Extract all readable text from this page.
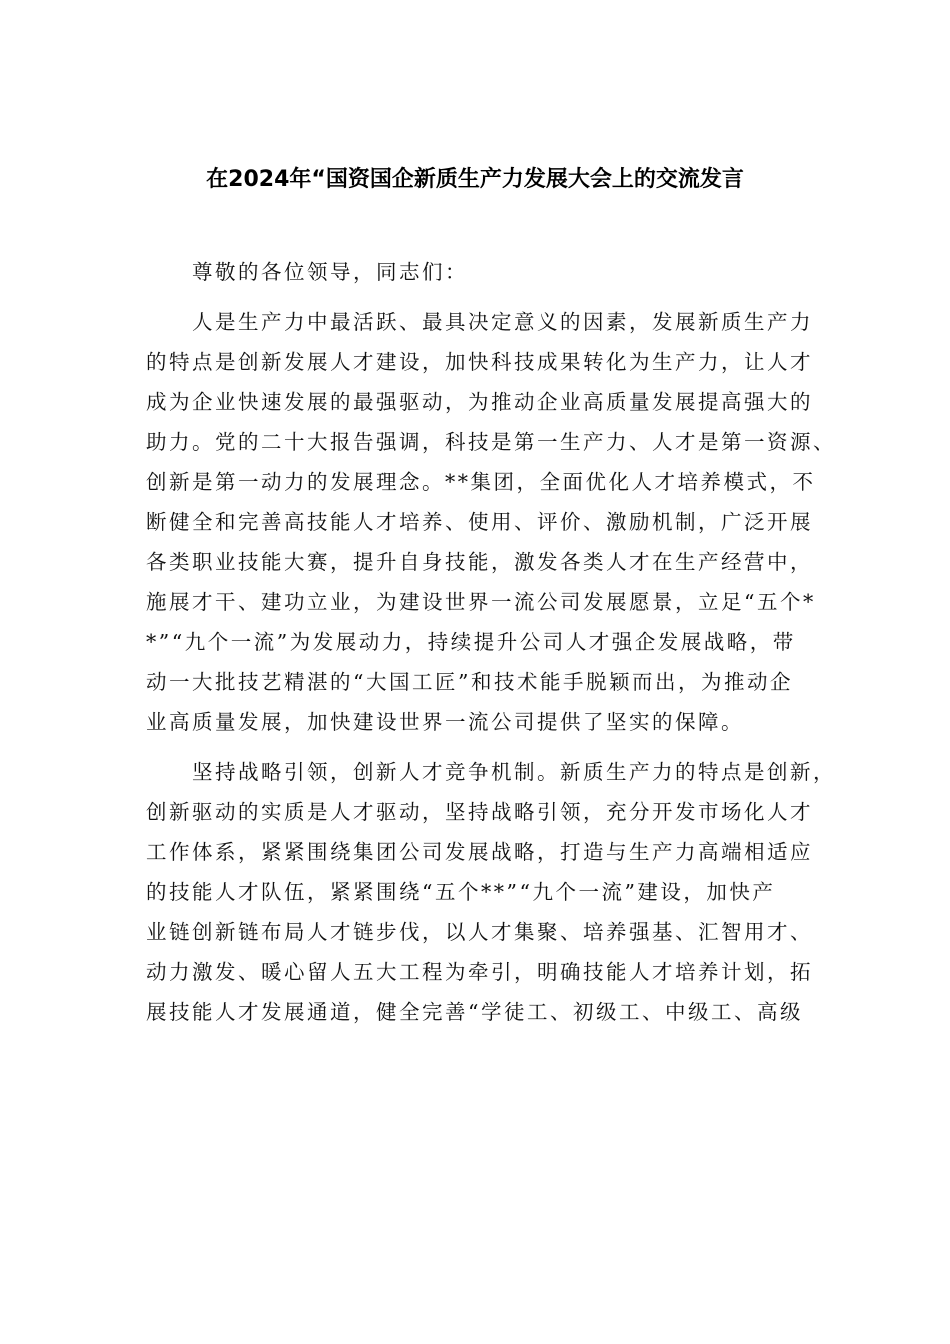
在2024年“国资国企新质生产力发展大会上的交流发言
尊敬的各位领导，同志们：
人是生产力中最活跃、最具决定意义的因素，发展新质生产力
的特点是创新发展人才建设，加快科技成果转化为生产力，让人才
成为企业快速发展的最强驱动，为推动企业高质量发展提高强大的
助力。党的二十大报告强调，科技是第一生产力、人才是第一资源、
创新是第一动力的发展理念。**集团，全面优化人才培养模式，不
断健全和完善高技能人才培养、使用、评价、激励机制，广泛开展
各类职业技能大赛，提升自身技能，激发各类人才在生产经营中，
施展才干、建功立业，为建设世界一流公司发展愿景，立足“五个*
*”“九个一流”为发展动力，持续提升公司人才强企发展战略，带
动一大批技艺精湛的“大国工匠”和技术能手脱颖而出，为推动企
业高质量发展，加快建设世界一流公司提供了坚实的保障。
坚持战略引领，创新人才竞争机制。新质生产力的特点是创新，
创新驱动的实质是人才驱动，坚持战略引领，充分开发市场化人才
工作体系，紧紧围绕集团公司发展战略，打造与生产力高端相适应
的技能人才队伍，紧紧围绕“五个**”“九个一流”建设，加快产
业链创新链布局人才链步伐，以人才集聚、培养强基、汇智用才、
动力激发、暖心留人五大工程为牵引，明确技能人才培养计划，拓
展技能人才发展通道，健全完善“学徒工、初级工、中级工、高级
